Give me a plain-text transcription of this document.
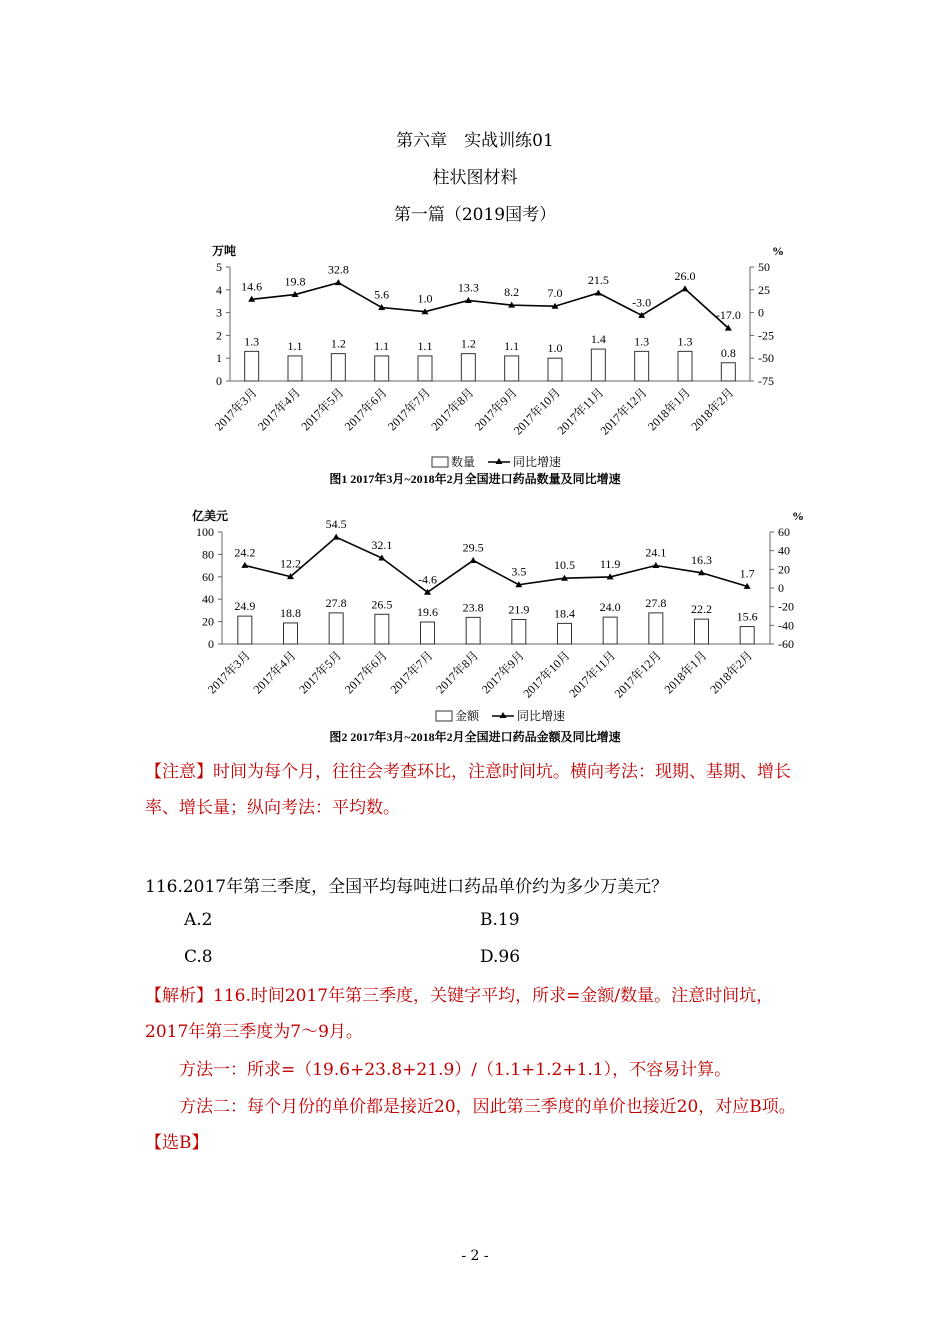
第六章　实战训练01
柱状图材料
第一篇（2019国考）
万吨	%
0
1
2
3
4
5	50
25
0
-25
-50
-75
1.3
2017年3月
1.1
2017年4月
1.2
2017年5月
1.1
2017年6月
1.1
2017年7月
1.2
2017年8月
1.1
2017年9月
1.0
2017年10月
1.4
2017年11月
1.3
2017年12月
1.3
2018年1月
0.8
2018年2月
14.6 19.8
32.8
5.6 1.0
13.3 8.2 7.0
21.5
-3.0
26.0
-17.0
数量	同比增速
图1 2017年3月~2018年2月全国进口药品数量及同比增速
亿美元	%
0
20
40
60
80
100	60
40
20
0
-20
-40
-60
24.9
2017年3月
18.8
2017年4月
27.8
2017年5月
26.5
2017年6月
19.6
2017年7月
23.8
2017年8月
21.9
2017年9月
18.4
2017年10月
24.0
2017年11月
27.8
2017年12月
22.2
2018年1月
15.6
2018年2月
24.2
12.2
54.5
32.1
-4.6
29.5
3.5 10.5 11.9
24.1
16.3
1.7
金额	同比增速
图2 2017年3月~2018年2月全国进口药品金额及同比增速
【注意】时间为每个月，往往会考查环比，注意时间坑。横向考法：现期、基期、增长率、增长量；纵向考法：平均数。
116.2017年第三季度，全国平均每吨进口药品单价约为多少万美元？
A.2	B.19
C.8	D.96
【解析】116.时间2017年第三季度，关键字平均，所求=金额/数量。注意时间坑，2017年第三季度为7～9月。
方法一：所求=（19.6+23.8+21.9）/（1.1+1.2+1.1），不容易计算。
方法二：每个月份的单价都是接近20，因此第三季度的单价也接近20，对应B项。【选B】
- 2 -
